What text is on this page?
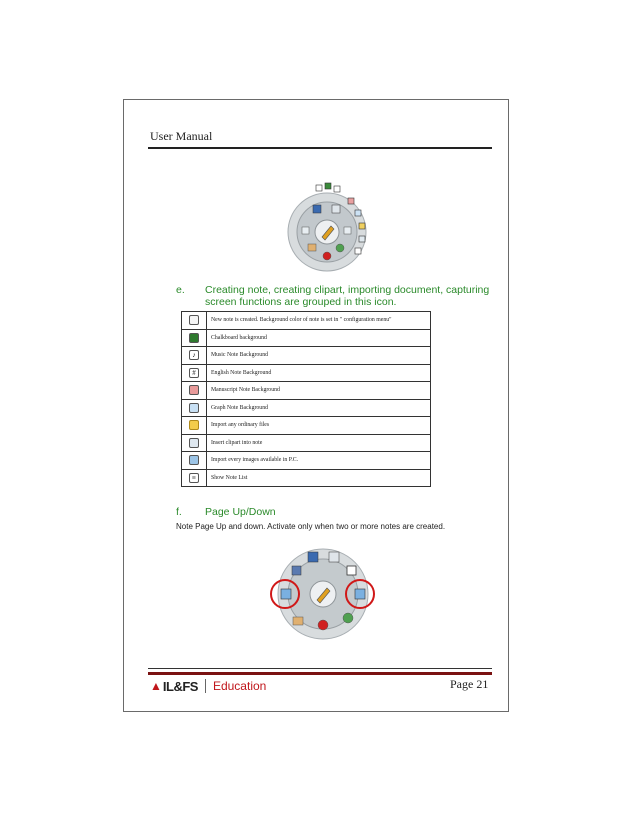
User Manual
e. Creating note, creating clipart, importing document, capturing screen functions are grouped in this icon.
	New note is created. Background color of note is set in " configuration menu"
	Chalkboard background
♪	Music Note Background
#	English Note Background
	Manuscript Note Background
	Graph Note Background
	Import any ordinary files
	Insert clipart into note
	Import every images available in P.C.
≡	Show Note List
f. Page Up/Down
Note Page Up and down. Activate only when two or more notes are created.
▲ IL&FS Education	Page 21
